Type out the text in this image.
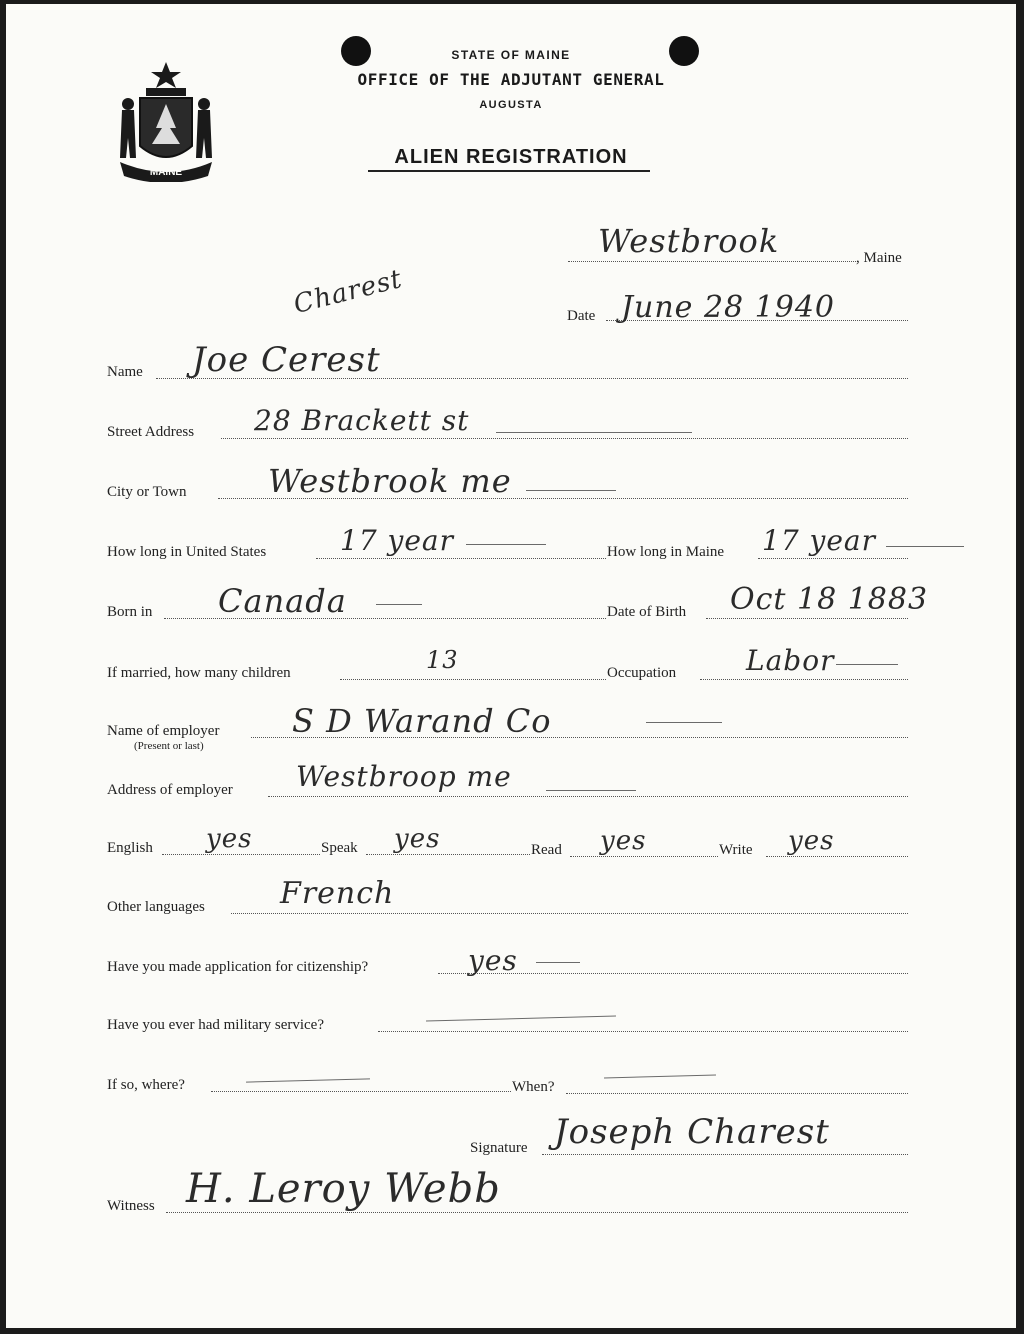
MAINE
STATE OF MAINE
OFFICE OF THE ADJUTANT GENERAL
AUGUSTA
ALIEN REGISTRATION
, Maine
Westbrook
Date June 28 1940
Charest
Name Joe Cerest
Street Address 28 Brackett st
City or Town	Westbrook me
How long in United States	17 year	How long in Maine 17 year
Born in Canada	Date of Birth Oct 18 1883
If married, how many children	13	Occupation Labor
Name of employer
(Present or last)
S D Warand Co
Address of employer Westbroop me
English yes	Speak yes	Read yes	Write yes
Other languages	French
Have you made application for citizenship?	yes
Have you ever had military service?
If so, where?	When?
Signature Joseph Charest
Witness H. Leroy Webb
